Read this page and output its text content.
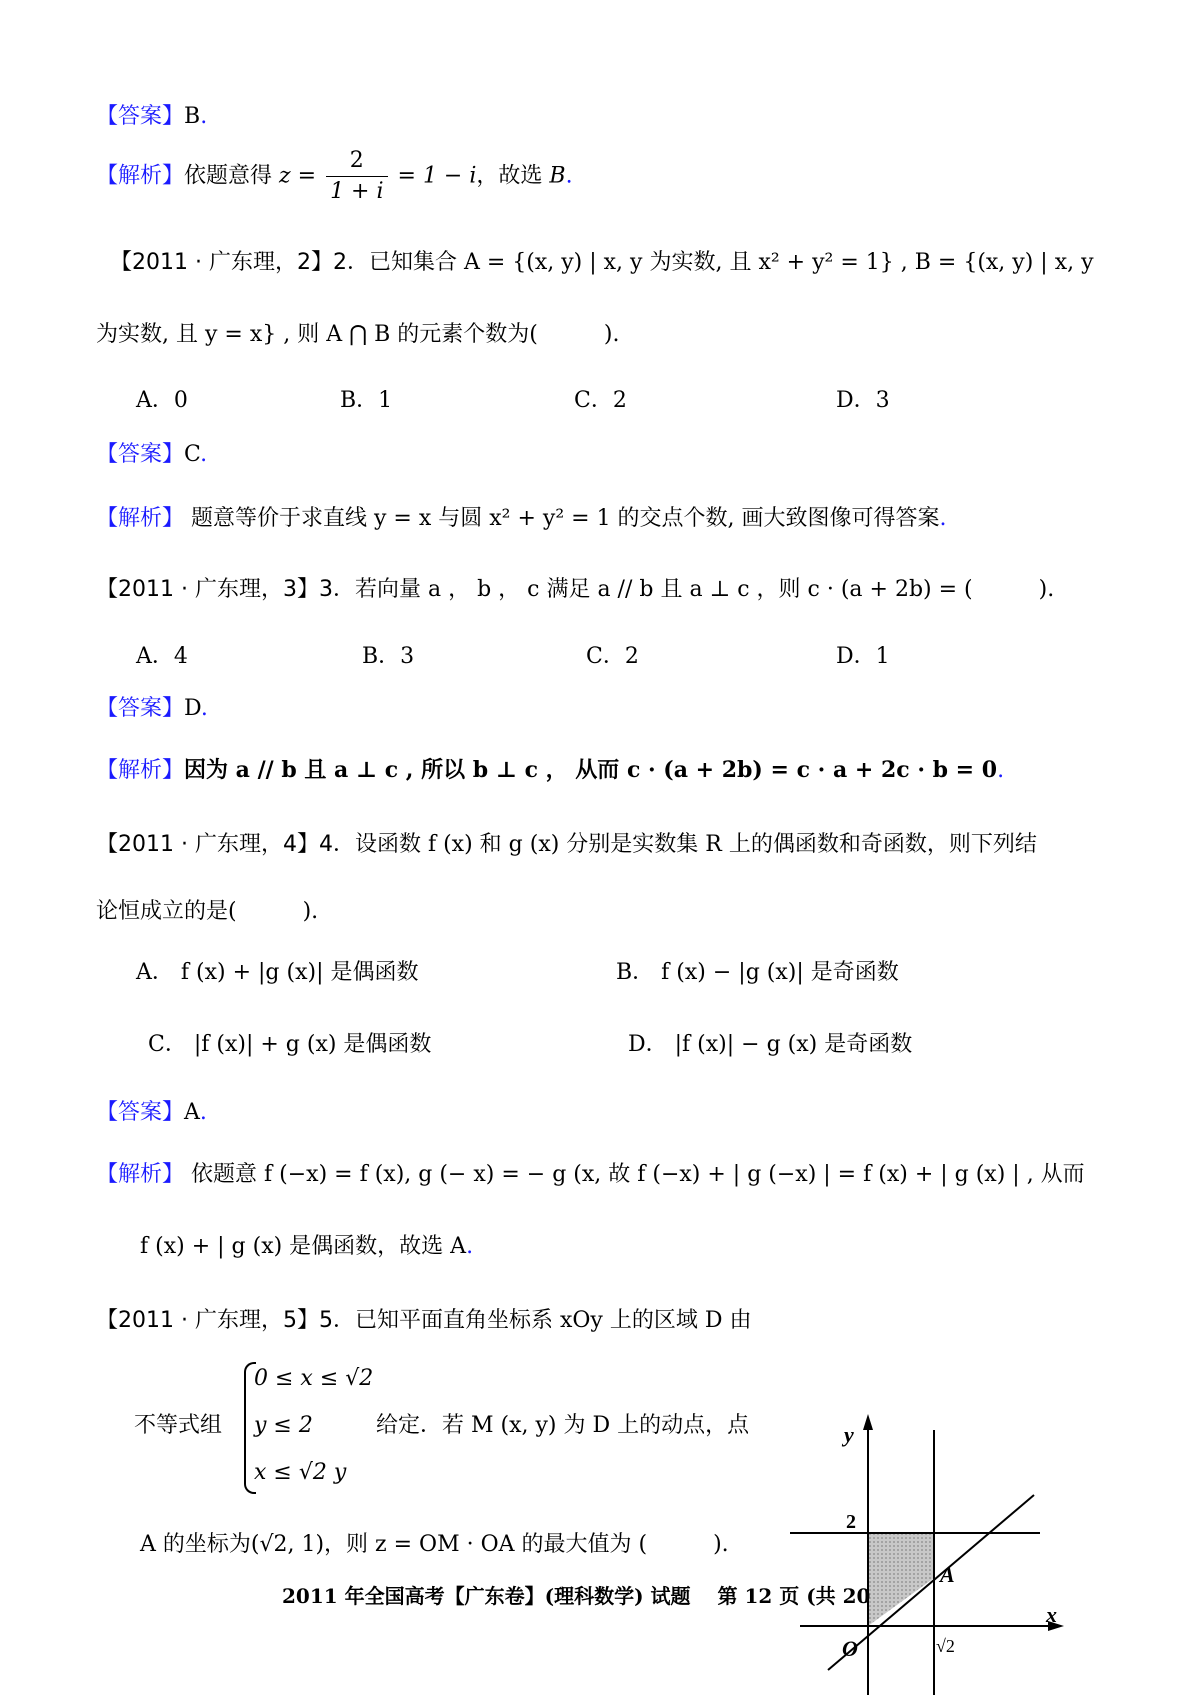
【答案】B.
【解析】依题意得 $z = \frac{2}{1 + i} = 1 - i$，故选 B.
【2011 · 广东理，2】2．已知集合 A = {(x, y) | x, y 为实数, 且 x² + y² = 1} , B = {(x, y) | x, y
为实数, 且 y = x} , 则 A ⋂ B 的元素个数为(　　　).
A．0	B．1	C．2	D．3
【答案】C.
【解析】 题意等价于求直线 y = x 与圆 x² + y² = 1 的交点个数, 画大致图像可得答案.
【2011 · 广东理，3】3．若向量 a ， b ， c 满足 a // b 且 a ⊥ c ，则 c · (a + 2b) = (　　　).
A．4	B．3	C．2	D．1
【答案】D.
【解析】因为 a // b 且 a ⊥ c , 所以 b ⊥ c ， 从而 c · (a + 2b) = c · a + 2c · b = 0.
【2011 · 广东理，4】4．设函数 f (x) 和 g (x) 分别是实数集 R 上的偶函数和奇函数，则下列结
论恒成立的是(　　　).
A． f (x) + |g (x)| 是偶函数	B． f (x) − |g (x)| 是奇函数
C． |f (x)| + g (x) 是偶函数	D． |f (x)| − g (x) 是奇函数
【答案】A.
【解析】 依题意 f (−x) = f (x), g (− x) = − g (x, 故 f (−x) + | g (−x) | = f (x) + | g (x) | , 从而
f (x) + | g (x) 是偶函数，故选 A.
【2011 · 广东理，5】5．已知平面直角坐标系 xOy 上的区域 D 由
不等式组
0 ≤ x ≤ √2
y ≤ 2
x ≤ √2 y
给定．若 M (x, y) 为 D 上的动点，点
A 的坐标为(√2, 1)，则 z = OM · OA 的最大值为 (　　　).
y
x
O
A
2
√2
2011 年全国高考【广东卷】(理科数学) 试题　 第 12 页 (共 20
